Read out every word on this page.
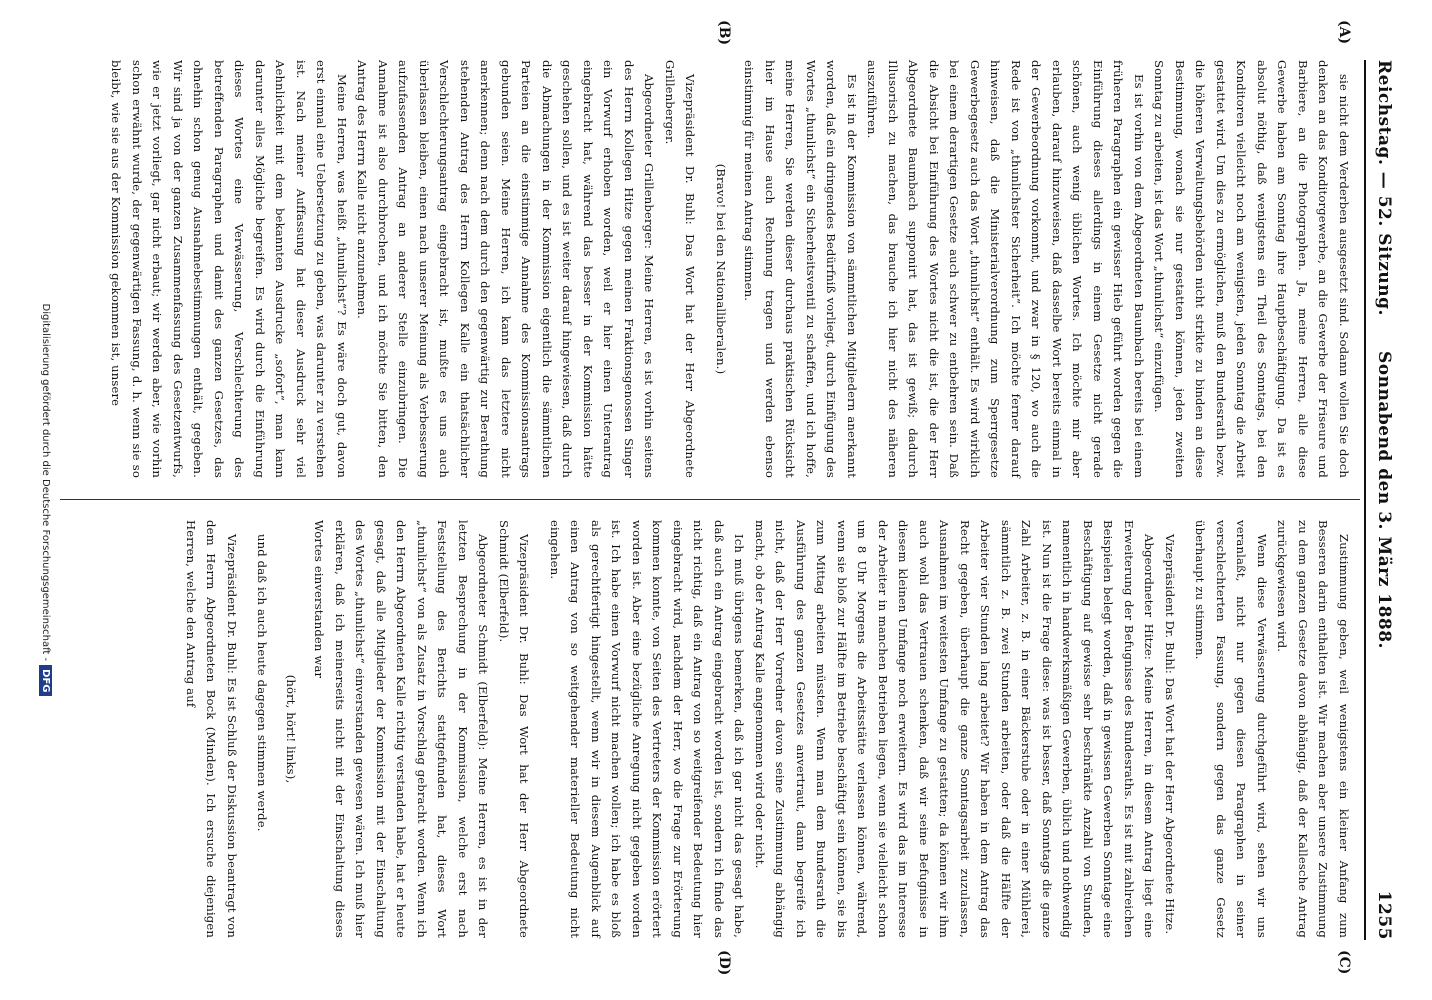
Reichstag. — 52. Sitzung.
Sonnabend den 3. März 1888.
1255
(A)
(B)
(C)
(D)

sie nicht dem Verderben ausgesetzt sind. Sodann wollen Sie doch denken an das Konditorgewerbe, an die Gewerbe der Friseure und Barbiere, an die Photographen. Ja, meine Herren, alle diese Gewerbe haben am Sonntag ihre Hauptbeschäftigung. Da ist es absolut nöthig, daß wenigstens ein Theil des Sonntags, bei den Konditoren vielleicht noch am wenigsten, jeden Sonntag die Arbeit gestattet wird. Um dies zu ermöglichen, muß den Bundesrath bezw. die höheren Verwaltungsbehörden nicht strikte zu binden an diese Bestimmung, wonach sie nur gestatten können, jeden zweiten Sonntag zu arbeiten, ist das Wort „thunlichst“ einzufügen.

Es ist vorhin von dem Abgeordneten Baumbach bereits bei einem früheren Paragraphen ein gewisser Hieb geführt worden gegen die Einführung dieses allerdings in einem Gesetze nicht gerade schönen, auch wenig üblichen Wortes. Ich möchte mir aber erlauben, darauf hinzuweisen, daß dasselbe Wort bereits einmal in der Gewerbeordnung vorkommt, und zwar in § 120, wo auch die Rede ist von „thunlichster Sicherheit“. Ich möchte ferner darauf hinweisen, daß die Ministerialverordnung zum Sperrgesetze Gewerbegesetz auch das Wort „thunlichst“ enthält. Es wird wirklich bei einem derartigen Gesetze auch schwer zu entbehren sein. Daß die Absicht bei Einführung des Wortes nicht die ist, die der Herr Abgeordnete Baumbach supponirt hat, das ist gewiß; dadurch Illusorisch zu machen, das brauche ich hier nicht des näheren auszuführen.

Es ist in der Kommission von sämmtlichen Mitgliedern anerkannt worden, daß ein dringendes Bedürfniß vorliegt, durch Einfügung des Wortes „thunlichst“ ein Sicherheitsventil zu schaffen, und ich hoffe, meine Herren, Sie werden dieser durchaus praktischen Rücksicht hier im Hause auch Rechnung tragen und werden ebenso einstimmig für meinen Antrag stimmen.

(Bravo! bei den Nationalliberalen.)

Vizepräsident Dr. Buhl: Das Wort hat der Herr Abgeordnete Grillenberger.

Abgeordneter Grillenberger: Meine Herren, es ist vorhin seitens des Herrn Kollegen Hitze gegen meinen Fraktionsgenossen Singer ein Vorwurf erhoben worden, weil er hier einen Unterantrag eingebracht hat, während das besser in der Kommission hätte geschehen sollen, und es ist weiter darauf hingewiesen, daß durch die Abmachungen in der Kommission eigentlich die sämmtlichen Parteien an die einstimmige Annahme des Kommissionsantrags gebunden seien. Meine Herren, ich kann das letztere nicht anerkennen; denn nach dem durch den gegenwärtig zur Berathung stehenden Antrag des Herrn Kollegen Kalle ein thatsächlicher Verschlechterungsantrag eingebracht ist, mußte es uns auch überlassen bleiben, einen nach unserer Meinung als Verbesserung aufzufassenden Antrag an anderer Stelle einzubringen. Die Annahme ist also durchbrochen, und ich möchte Sie bitten, den Antrag des Herrn Kalle nicht anzunehmen.

Meine Herren, was heißt „thunlichst“? Es wäre doch gut, davon erst einmal eine Uebersetzung zu geben, was darunter zu verstehen ist. Nach meiner Auffassung hat dieser Ausdruck sehr viel Aehnlichkeit mit dem bekannten Ausdrucke „sofort“, man kann darunter alles Mögliche begreifen. Es wird durch die Einführung dieses Wortes eine Verwässerung, Verschlechterung des betreffenden Paragraphen und damit des ganzen Gesetzes, das ohnehin schon genug Ausnahmebestimmungen enthält, gegeben. Wir sind ja von der ganzen Zusammenfassung des Gesetzentwurfs, wie er jetzt vorliegt, gar nicht erbaut; wir werden aber, wie vorhin schon erwähnt wurde, der gegenwärtigen Fassung, d. h. wenn sie so bleibt, wie sie aus der Kommission gekommen ist, unsere

Zustimmung geben, weil wenigstens ein kleiner Anfang zum Besseren darin enthalten ist. Wir machen aber unsere Zustimmung zu dem ganzen Gesetze davon abhängig, daß der Kallesche Antrag zurückgewiesen wird.

Wenn diese Verwässerung durchgeführt wird, sehen wir uns veranlaßt, nicht nur gegen diesen Paragraphen in seiner verschlechterten Fassung, sondern gegen das ganze Gesetz überhaupt zu stimmen.

Vizepräsident Dr. Buhl: Das Wort hat der Herr Abgeordnete Hitze.

Abgeordneter Hitze: Meine Herren, in diesem Antrag liegt eine Erweiterung der Befugnisse des Bundesraths. Es ist mit zahlreichen Beispielen belegt worden, daß in gewissen Gewerben Sonntage eine Beschäftigung auf gewisse sehr beschränkte Anzahl von Stunden, namentlich in handwerksmäßigen Gewerben, üblich und nothwendig ist. Nun ist die Frage diese: was ist besser, daß Sonntags die ganze Zahl Arbeiter, z. B. in einer Bäckerstube oder in einer Mühlerei, sämmtlich z. B. zwei Stunden arbeiten, oder daß die Hälfte der Arbeiter vier Stunden lang arbeitet? Wir haben in dem Antrag das Recht gegeben, überhaupt die ganze Sonntagsarbeit zuzulassen, Ausnahmen im weitesten Umfange zu gestatten; da können wir ihm auch wohl das Vertrauen schenken, daß wir seine Befugnisse in diesem kleinen Umfange noch erweitern. Es wird das im Interesse der Arbeiter in manchen Betrieben liegen, wenn sie vielleicht schon um 8 Uhr Morgens die Arbeitsstätte verlassen können, während, wenn sie bloß zur Hälfte im Betriebe beschäftigt sein können, sie bis zum Mittag arbeiten müssten. Wenn man dem Bundesrath die Ausführung des ganzen Gesetzes anvertraut, dann begreife ich nicht, daß der Herr Vorredner davon seine Zustimmung abhängig macht, ob der Antrag Kalle angenommen wird oder nicht.

Ich muß übrigens bemerken, daß ich gar nicht das gesagt habe, daß auch ein Antrag eingebracht worden ist, sondern ich finde das nicht richtig, daß ein Antrag von so weitgreifender Bedeutung hier eingebracht wird, nachdem der Herr, wo die Frage zur Erörterung kommen konnte, von Seiten des Vertreters der Kommission erörtert worden ist. Aber eine bezügliche Anregung nicht gegeben worden ist. Ich habe einen Vorwurf nicht machen wollen; ich habe es bloß als gerechtfertigt hingestellt, wenn wir in diesem Augenblick auf einen Antrag von so weitgehender materieller Bedeutung nicht eingehen.

Vizepräsident Dr. Buhl: Das Wort hat der Herr Abgeordnete Schmidt (Elberfeld).

Abgeordneter Schmidt (Elberfeld): Meine Herren, es ist in der letzten Besprechung in der Kommission, welche erst nach Feststellung des Berichts stattgefunden hat, dieses Wort „thunlichst“ von als Zusatz in Vorschlag gebracht worden. Wenn ich den Herrn Abgeordneten Kalle richtig verstanden habe, hat er heute gesagt, daß alle Mitglieder der Kommission mit der Einschaltung des Wortes „thunlichst“ einverstanden gewesen wären. Ich muß hier erklären, daß ich meinerseits nicht mit der Einschaltung dieses Wortes einverstanden war

(hört, hört! links),

und daß ich auch heute dagegen stimmen werde.

Vizepräsident Dr. Buhl: Es ist Schluß der Diskussion beantragt von dem Herrn Abgeordneten Bock (Minden). Ich ersuche diejenigen Herren, welche den Antrag auf

Digitalisierung gefördert durch die Deutsche Forschungsgemeinschaft -DFG
